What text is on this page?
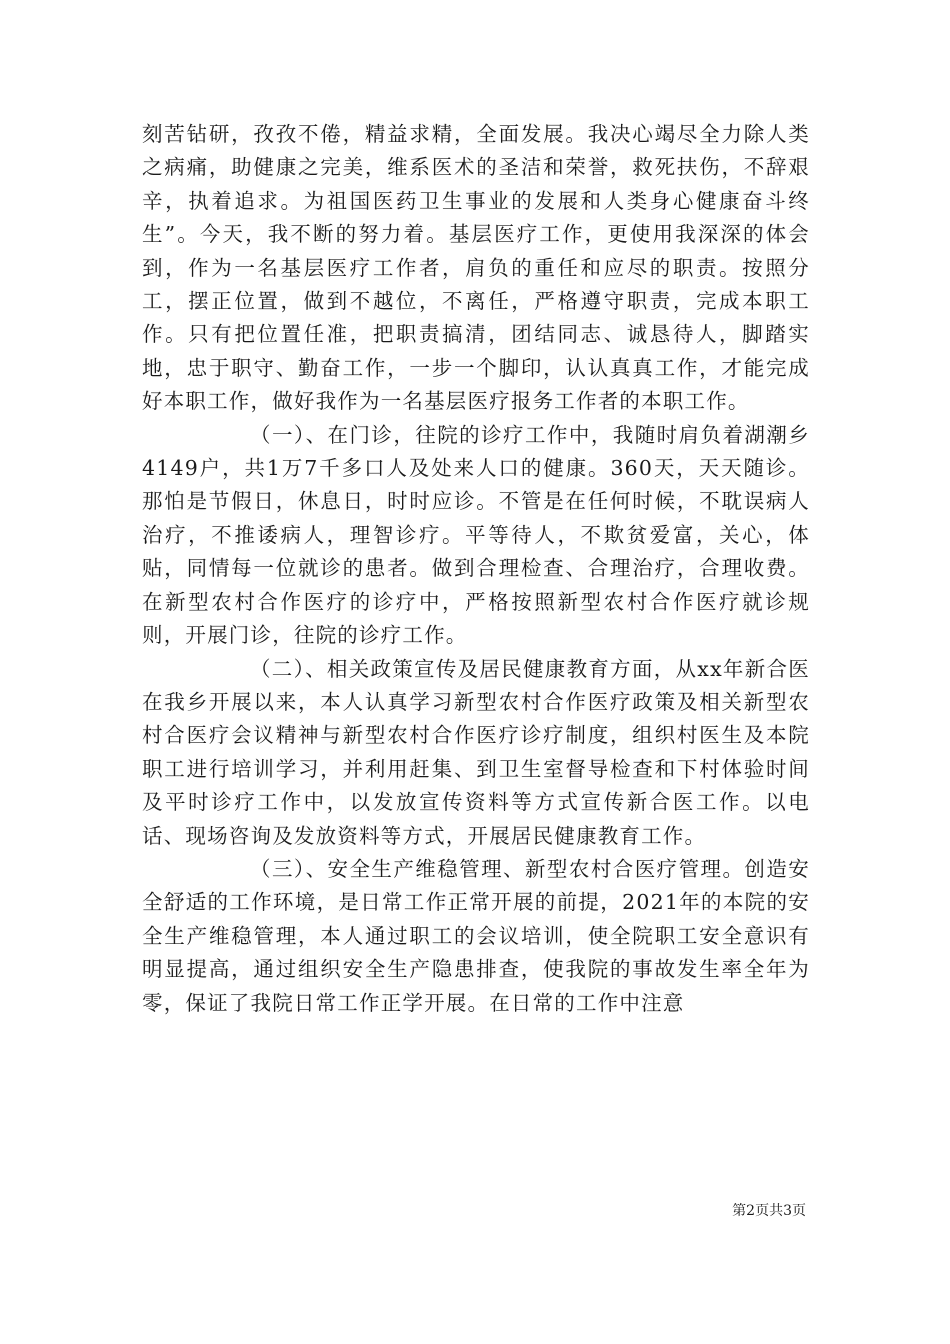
刻苦钻研，孜孜不倦，精益求精，全面发展。我决心竭尽全力除人类之病痛，助健康之完美，维系医术的圣洁和荣誉，救死扶伤，不辞艰辛，执着追求。为祖国医药卫生事业的发展和人类身心健康奋斗终生”。今天，我不断的努力着。基层医疗工作，更使用我深深的体会到，作为一名基层医疗工作者，肩负的重任和应尽的职责。按照分工，摆正位置，做到不越位，不离任，严格遵守职责，完成本职工作。只有把位置任准，把职责搞清，团结同志、诚恳待人，脚踏实地，忠于职守、勤奋工作，一步一个脚印，认认真真工作，才能完成好本职工作，做好我作为一名基层医疗报务工作者的本职工作。

（一）、在门诊，往院的诊疗工作中，我随时肩负着湖潮乡4149户，共1万7千多口人及处来人口的健康。360天，天天随诊。那怕是节假日，休息日，时时应诊。不管是在任何时候，不耽误病人治疗，不推诿病人，理智诊疗。平等待人，不欺贫爱富，关心，体贴，同情每一位就诊的患者。做到合理检查、合理治疗，合理收费。在新型农村合作医疗的诊疗中，严格按照新型农村合作医疗就诊规则，开展门诊，往院的诊疗工作。

（二）、相关政策宣传及居民健康教育方面，从xx年新合医在我乡开展以来，本人认真学习新型农村合作医疗政策及相关新型农村合医疗会议精神与新型农村合作医疗诊疗制度，组织村医生及本院职工进行培训学习，并利用赶集、到卫生室督导检查和下村体验时间及平时诊疗工作中，以发放宣传资料等方式宣传新合医工作。以电话、现场咨询及发放资料等方式，开展居民健康教育工作。

（三）、安全生产维稳管理、新型农村合医疗管理。创造安全舒适的工作环境，是日常工作正常开展的前提，2021年的本院的安全生产维稳管理，本人通过职工的会议培训，使全院职工安全意识有明显提高，通过组织安全生产隐患排查，使我院的事故发生率全年为零，保证了我院日常工作正学开展。在日常的工作中注意

第2页共3页
